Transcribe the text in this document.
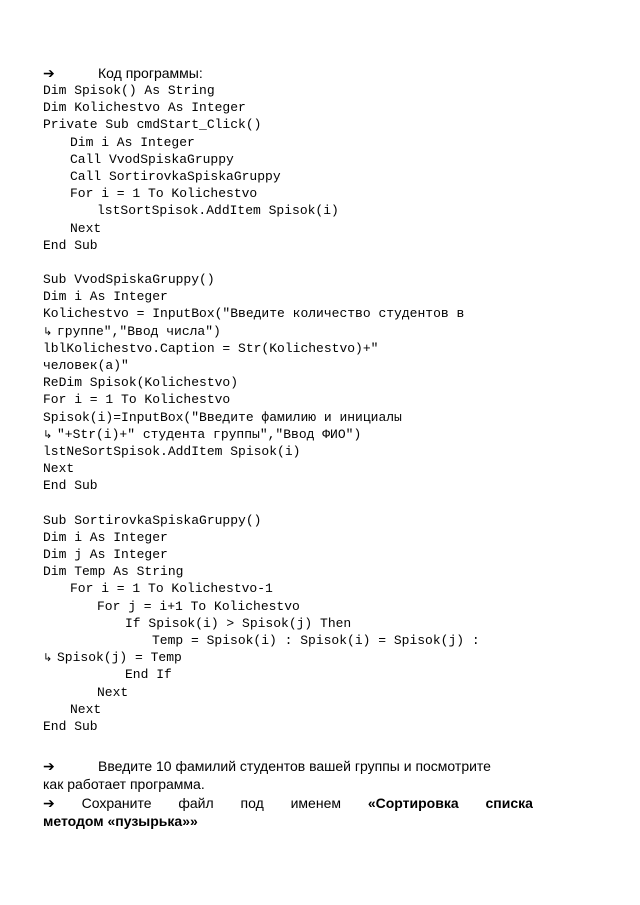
➔	Код программы:
Dim Spisok() As String
Dim Kolichestvo As Integer
Private Sub cmdStart_Click()
Dim i As Integer
Call VvodSpiskaGruppy
Call SortirovkaSpiskaGruppy
For i = 1 To Kolichestvo
lstSortSpisok.AddItem Spisok(i)
Next
End Sub
Sub VvodSpiskaGruppy()
Dim i As Integer
Kolichestvo = InputBox("Введите количество студентов в
↳ группе","Ввод числа")
lblKolichestvo.Caption = Str(Kolichestvo)+"
человек(а)"
ReDim Spisok(Kolichestvo)
For i = 1 To Kolichestvo
Spisok(i)=InputBox("Введите фамилию и инициалы
↳ "+Str(i)+" студента группы","Ввод ФИО")
lstNeSortSpisok.AddItem Spisok(i)
Next
End Sub
Sub SortirovkaSpiskaGruppy()
Dim i As Integer
Dim j As Integer
Dim Temp As String
For i = 1 To Kolichestvo-1
For j = i+1 To Kolichestvo
If Spisok(i) > Spisok(j) Then
Temp = Spisok(i) : Spisok(i) = Spisok(j) :
↳ Spisok(j) = Temp
End If
Next
Next
End Sub
➔	Введите 10 фамилий студентов вашей группы и посмотрите
как работает программа.
➔ Сохраните файл под именем «Сортировка списка
методом «пузырька»»
